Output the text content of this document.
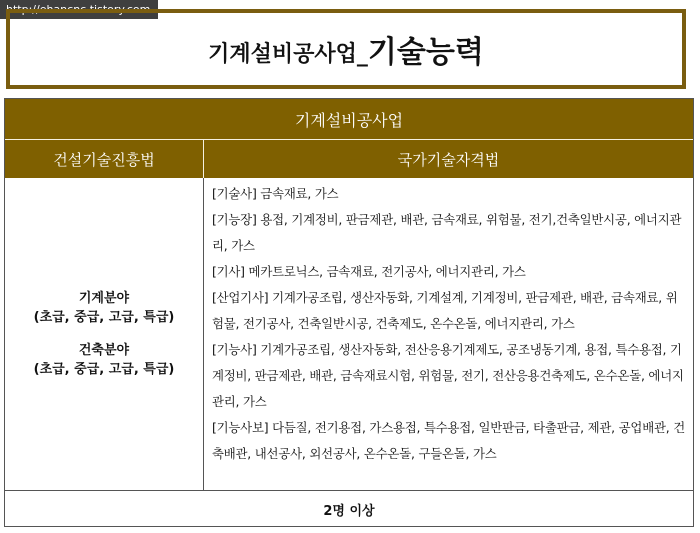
http://ehancnc.tistory.com
기계설비공사업_ 기술능력
기계설비공사업
건설기술진흥법	국가기술자격법
기계분야
(초급, 중급, 고급, 특급)
건축분야
(초급, 중급, 고급, 특급)
[기술사] 금속재료, 가스
[기능장] 용접, 기계정비, 판금제관, 배관, 금속재료, 위험물, 전기,건축일반시공, 에너지관리, 가스
[기사] 메카트로닉스, 금속재료, 전기공사, 에너지관리, 가스
[산업기사] 기계가공조립, 생산자동화, 기계설계, 기계정비, 판금제관, 배관, 금속재료, 위험물, 전기공사, 건축일반시공, 건축제도, 온수온돌, 에너지관리, 가스
[기능사] 기계가공조립, 생산자동화, 전산응용기계제도, 공조냉동기계, 용접, 특수용접, 기계정비, 판금제관, 배관, 금속재료시험, 위험물, 전기, 전산응용건축제도, 온수온돌, 에너지관리, 가스
[기능사보] 다듬질, 전기용접, 가스용접, 특수용접, 일반판금, 타출판금, 제관, 공업배관, 건축배관, 내선공사, 외선공사, 온수온돌, 구들온돌, 가스
2명 이상
